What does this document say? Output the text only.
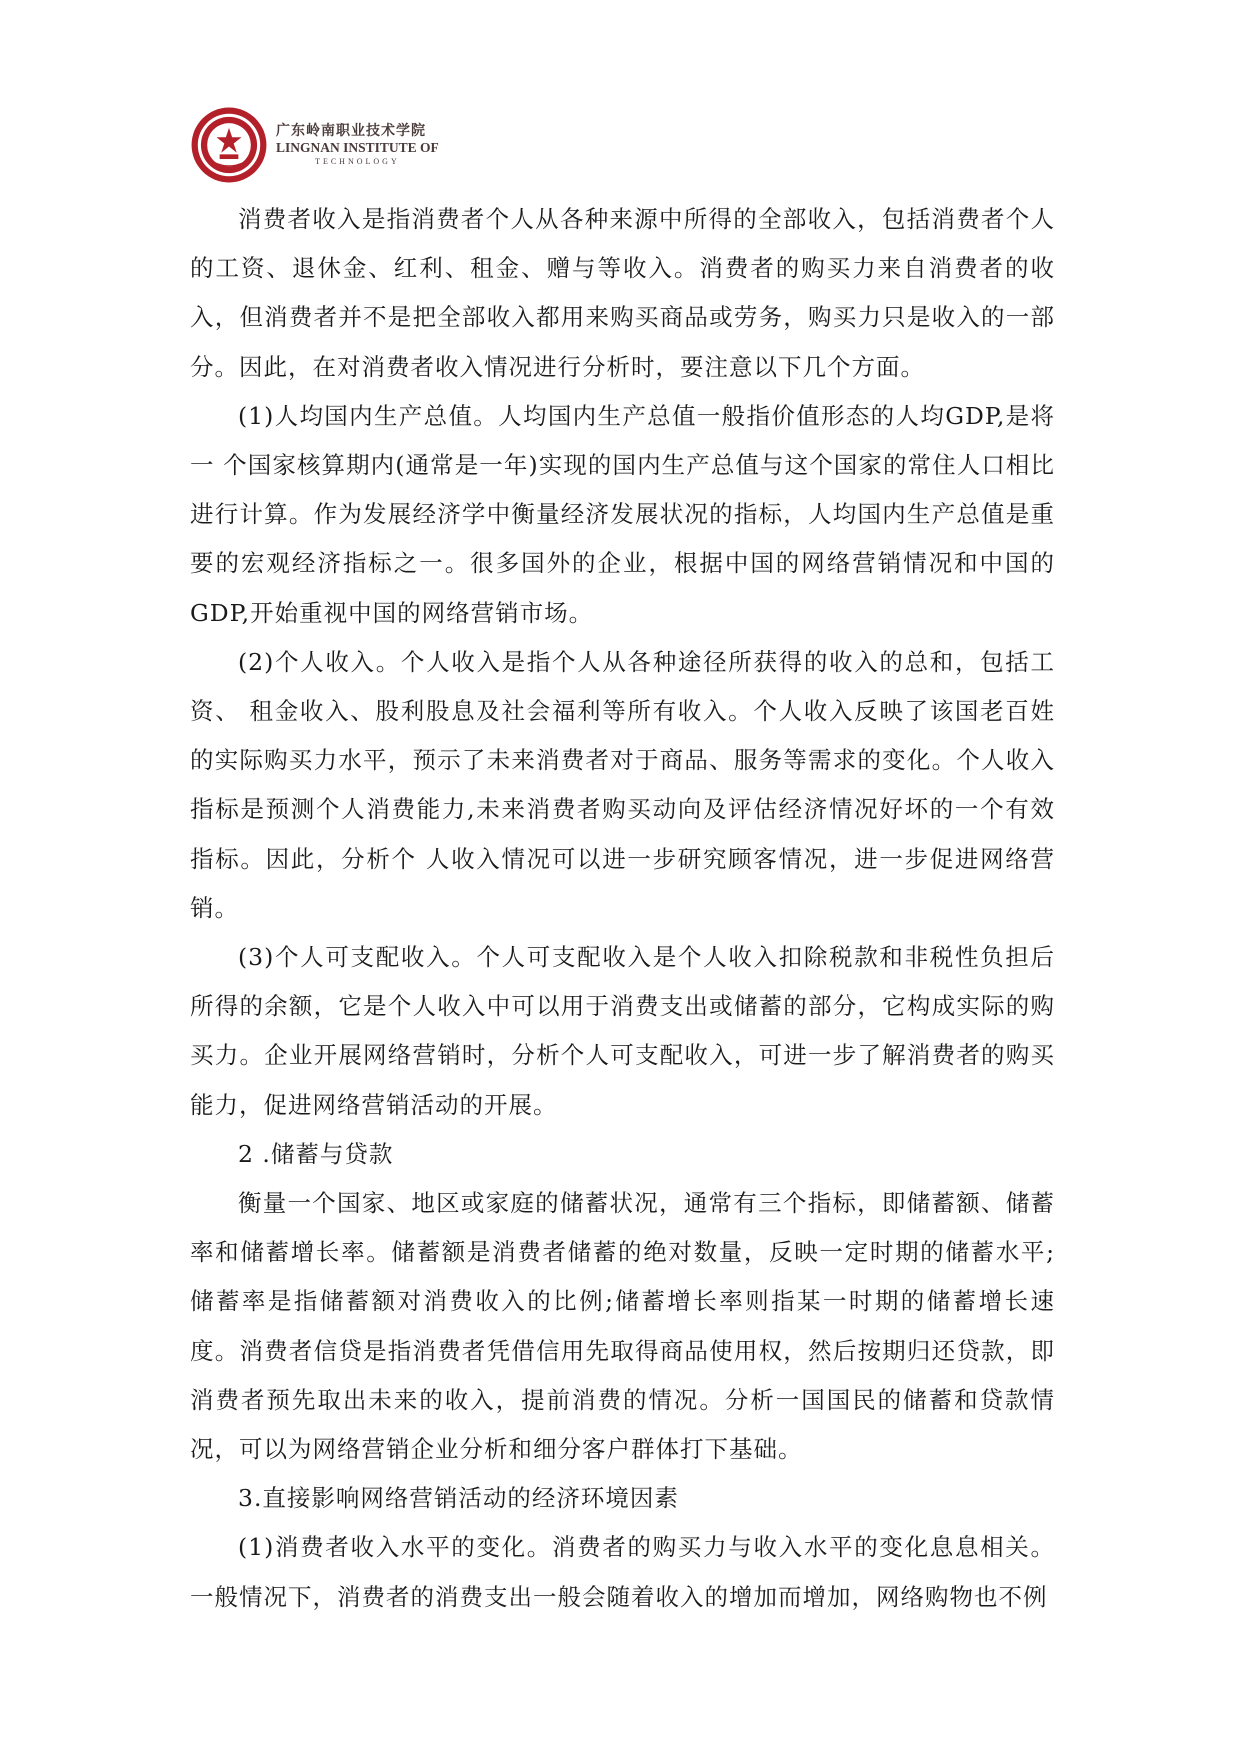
广东岭南职业技术学院
LINGNAN INSTITUTE OF
TECHNOLOGY

消费者收入是指消费者个人从各种来源中所得的全部收入，包括消费者个人的工资、退休金、红利、租金、赠与等收入。消费者的购买力来自消费者的收入，但消费者并不是把全部收入都用来购买商品或劳务，购买力只是收入的一部分。因此，在对消费者收入情况进行分析时，要注意以下几个方面。

(1)人均国内生产总值。人均国内生产总值一般指价值形态的人均GDP,是将一 个国家核算期内(通常是一年)实现的国内生产总值与这个国家的常住人口相比进行计算。作为发展经济学中衡量经济发展状况的指标，人均国内生产总值是重要的宏观经济指标之一。很多国外的企业，根据中国的网络营销情况和中国的GDP,开始重视中国的网络营销市场。

(2)个人收入。个人收入是指个人从各种途径所获得的收入的总和，包括工资、 租金收入、股利股息及社会福利等所有收入。个人收入反映了该国老百姓的实际购买力水平，预示了未来消费者对于商品、服务等需求的变化。个人收入指标是预测个人消费能力,未来消费者购买动向及评估经济情况好坏的一个有效指标。因此，分析个 人收入情况可以进一步研究顾客情况，进一步促进网络营销。

(3)个人可支配收入。个人可支配收入是个人收入扣除税款和非税性负担后所得的余额，它是个人收入中可以用于消费支出或储蓄的部分，它构成实际的购买力。企业开展网络营销时，分析个人可支配收入，可进一步了解消费者的购买能力，促进网络营销活动的开展。

2 .储蓄与贷款

衡量一个国家、地区或家庭的储蓄状况，通常有三个指标，即储蓄额、储蓄率和储蓄增长率。储蓄额是消费者储蓄的绝对数量，反映一定时期的储蓄水平;储蓄率是指储蓄额对消费收入的比例;储蓄增长率则指某一时期的储蓄增长速度。消费者信贷是指消费者凭借信用先取得商品使用权，然后按期归还贷款，即消费者预先取出未来的收入，提前消费的情况。分析一国国民的储蓄和贷款情况，可以为网络营销企业分析和细分客户群体打下基础。

3.直接影响网络营销活动的经济环境因素

(1)消费者收入水平的变化。消费者的购买力与收入水平的变化息息相关。一般情况下，消费者的消费支出一般会随着收入的增加而增加，网络购物也不例
